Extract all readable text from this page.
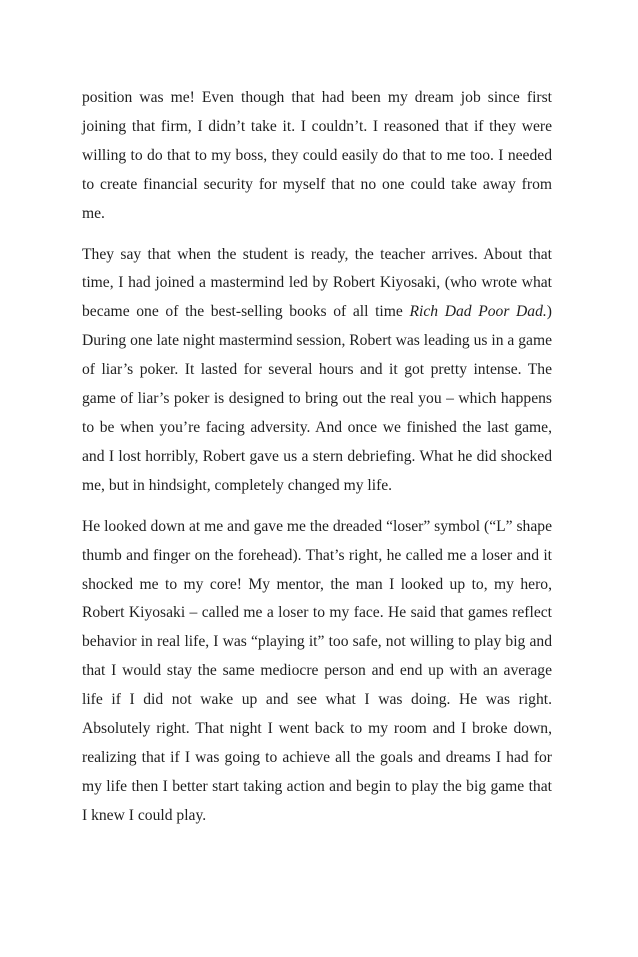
position was me! Even though that had been my dream job since first joining that firm, I didn’t take it. I couldn’t. I reasoned that if they were willing to do that to my boss, they could easily do that to me too. I needed to create financial security for myself that no one could take away from me.

They say that when the student is ready, the teacher arrives. About that time, I had joined a mastermind led by Robert Kiyosaki, (who wrote what became one of the best-selling books of all time Rich Dad Poor Dad.) During one late night mastermind session, Robert was leading us in a game of liar’s poker. It lasted for several hours and it got pretty intense. The game of liar’s poker is designed to bring out the real you – which happens to be when you’re facing adversity. And once we finished the last game, and I lost horribly, Robert gave us a stern debriefing. What he did shocked me, but in hindsight, completely changed my life.

He looked down at me and gave me the dreaded “loser” symbol (“L” shape thumb and finger on the forehead). That’s right, he called me a loser and it shocked me to my core! My mentor, the man I looked up to, my hero, Robert Kiyosaki – called me a loser to my face. He said that games reflect behavior in real life, I was “playing it” too safe, not willing to play big and that I would stay the same mediocre person and end up with an average life if I did not wake up and see what I was doing. He was right. Absolutely right. That night I went back to my room and I broke down, realizing that if I was going to achieve all the goals and dreams I had for my life then I better start taking action and begin to play the big game that I knew I could play.
